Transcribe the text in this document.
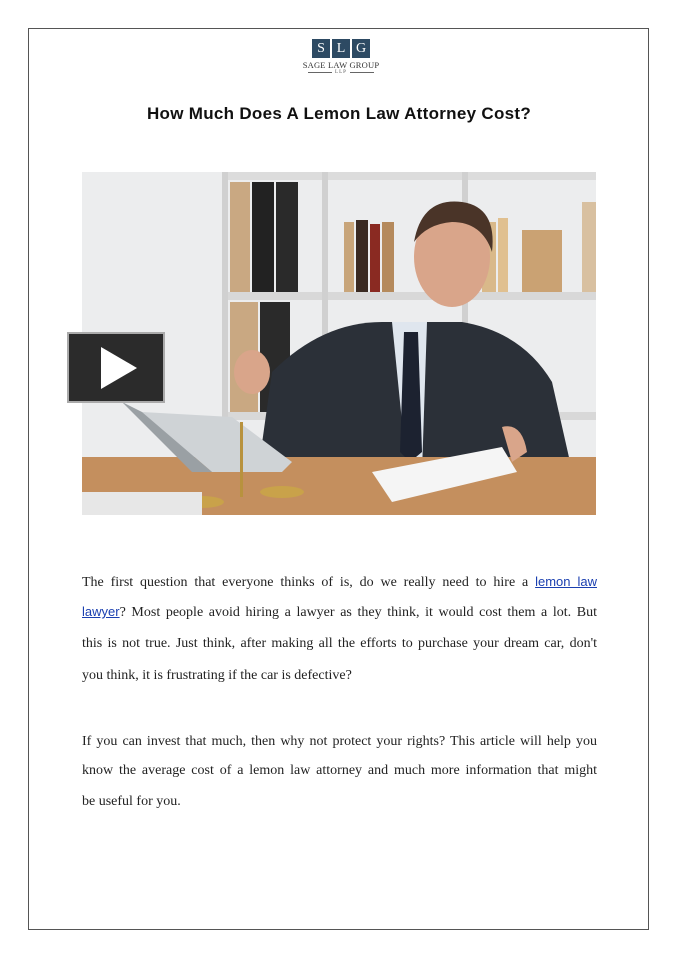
S L G
SAGE LAW GROUP
LLP
How Much Does A Lemon Law Attorney Cost?
The first question that everyone thinks of is, do we really need to hire a lemon law
lawyer? Most people avoid hiring a lawyer as they think, it would cost them a lot. But
this is not true. Just think, after making all the efforts to purchase your dream car, don't
you think, it is frustrating if the car is defective?
If you can invest that much, then why not protect your rights? This article will help you
know the average cost of a lemon law attorney and much more information that might
be useful for you.
